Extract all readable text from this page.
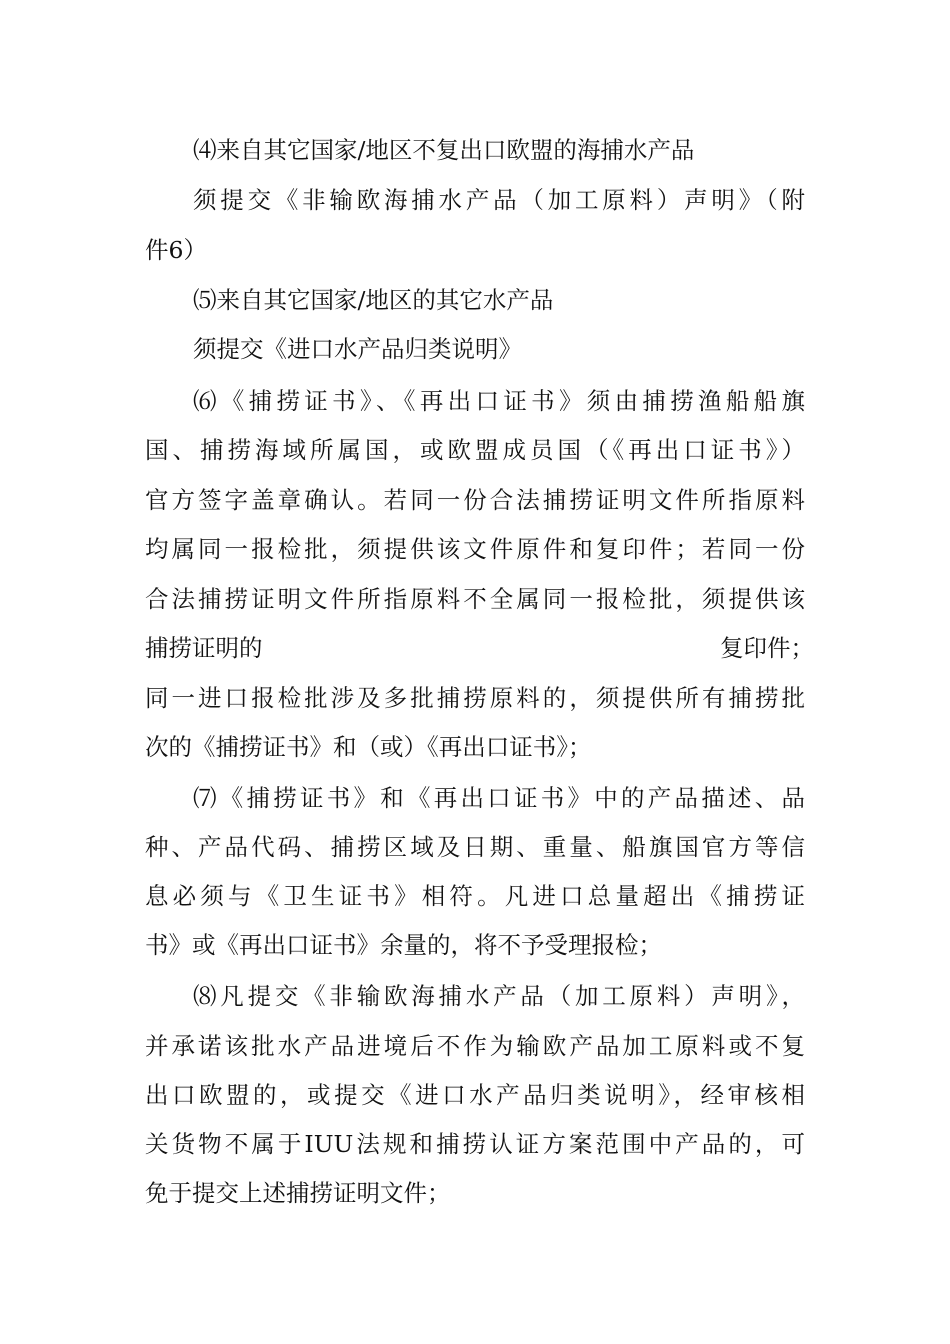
⑷来自其它国家/地区不复出口欧盟的海捕水产品
须提交《非输欧海捕水产品（加工原料）声明》（附
件6）
⑸来自其它国家/地区的其它水产品
须提交《进口水产品归类说明》
⑹《捕捞证书》、《再出口证书》须由捕捞渔船船旗
国、捕捞海域所属国，或欧盟成员国（《再出口证书》）
官方签字盖章确认。若同一份合法捕捞证明文件所指原料
均属同一报检批，须提供该文件原件和复印件；若同一份
合法捕捞证明文件所指原料不全属同一报检批，须提供该
捕捞证明的	复印件；
同一进口报检批涉及多批捕捞原料的，须提供所有捕捞批
次的《捕捞证书》和（或）《再出口证书》；
⑺《捕捞证书》和《再出口证书》中的产品描述、品
种、产品代码、捕捞区域及日期、重量、船旗国官方等信
息必须与《卫生证书》相符。凡进口总量超出《捕捞证
书》或《再出口证书》余量的，将不予受理报检；
⑻凡提交《非输欧海捕水产品（加工原料）声明》，
并承诺该批水产品进境后不作为输欧产品加工原料或不复
出口欧盟的，或提交《进口水产品归类说明》，经审核相
关货物不属于IUU法规和捕捞认证方案范围中产品的，可
免于提交上述捕捞证明文件；
